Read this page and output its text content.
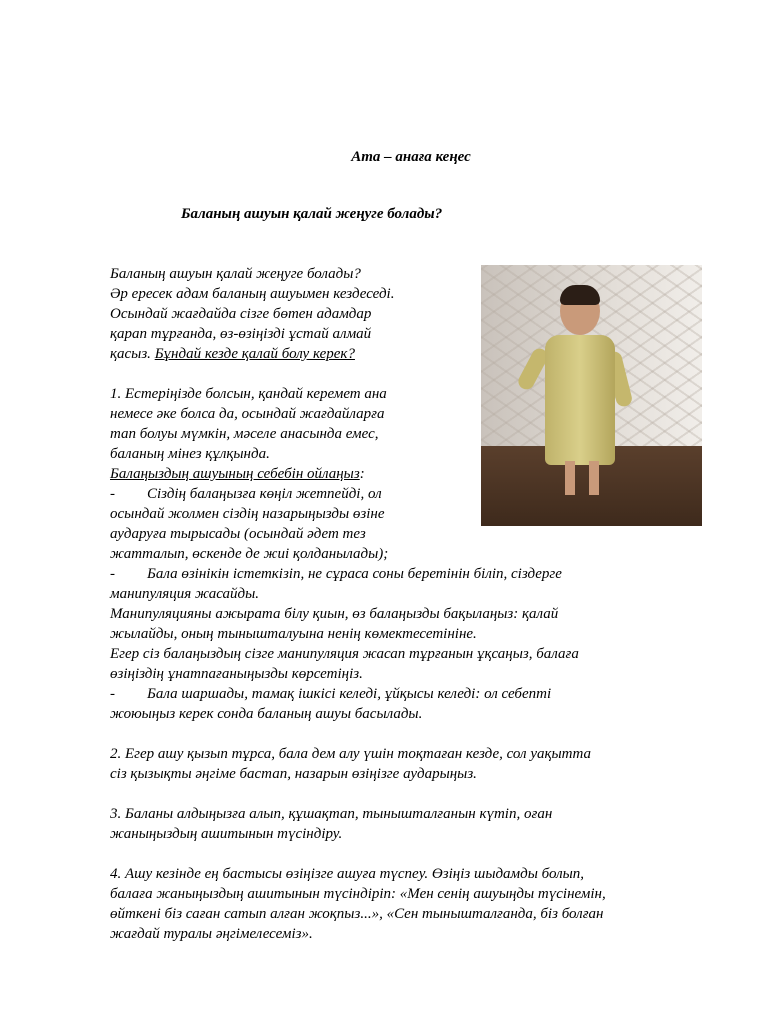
Ата – анаға кеңес
Баланың ашуын қалай жеңуге болады?

Баланың ашуын қалай жеңуге болады?

Әр ересек адам баланың ашуымен кездеседі.

Осындай жағдайда сізге бөтен адамдар

қарап тұрғанда, өз-өзіңізді ұстай алмай

қасыз. Бұндай кезде қалай болу керек?

1. Естеріңізде болсын, қандай керемет ана

немесе әке болса да, осындай жағдайларға

тап болуы мүмкін, мәселе анасында емес,

баланың мінез құлқында.

Балаңыздың ашуының себебін ойлаңыз:

- Сіздің балаңызға көңіл жетпейді, ол

осындай жолмен сіздің назарыңызды өзіне

аударуға тырысады (осындай әдет тез

жатталып, өскенде де жиі қолданылады);

- Бала өзінікін істеткізіп, не сұраса соны беретінін біліп, сіздерге

манипуляция жасайды.

Манипуляцияны ажырата білу қиын, өз балаңызды бақылаңыз: қалай

жылайды, оның тынышталуына ненің көмектесетініне.

Егер сіз балаңыздың сізге манипуляция жасап тұрғанын ұқсаңыз, балаға

өзіңіздің ұнатпағаныңызды көрсетіңіз.

- Бала шаршады, тамақ ішкісі келеді, ұйқысы келеді: ол себепті

жоюыңыз керек сонда баланың ашуы басылады.

2. Егер ашу қызып тұрса, бала дем алу үшін тоқтаған кезде, сол уақытта

сіз қызықты әңгіме бастап, назарын өзіңізге аударыңыз.

3. Баланы алдыңызға алып, құшақтап, тынышталғанын күтіп, оған

жаныңыздың ашитынын түсіндіру.

4. Ашу кезінде ең бастысы өзіңізге ашуға түспеу. Өзіңіз шыдамды болып,

балаға жаныңыздың ашитынын түсіндіріп: «Мен сенің ашуыңды түсінемін,

өйткені біз саған сатып алған жоқпыз...», «Сен тынышталғанда, біз болған

жағдай туралы әңгімелесеміз».
